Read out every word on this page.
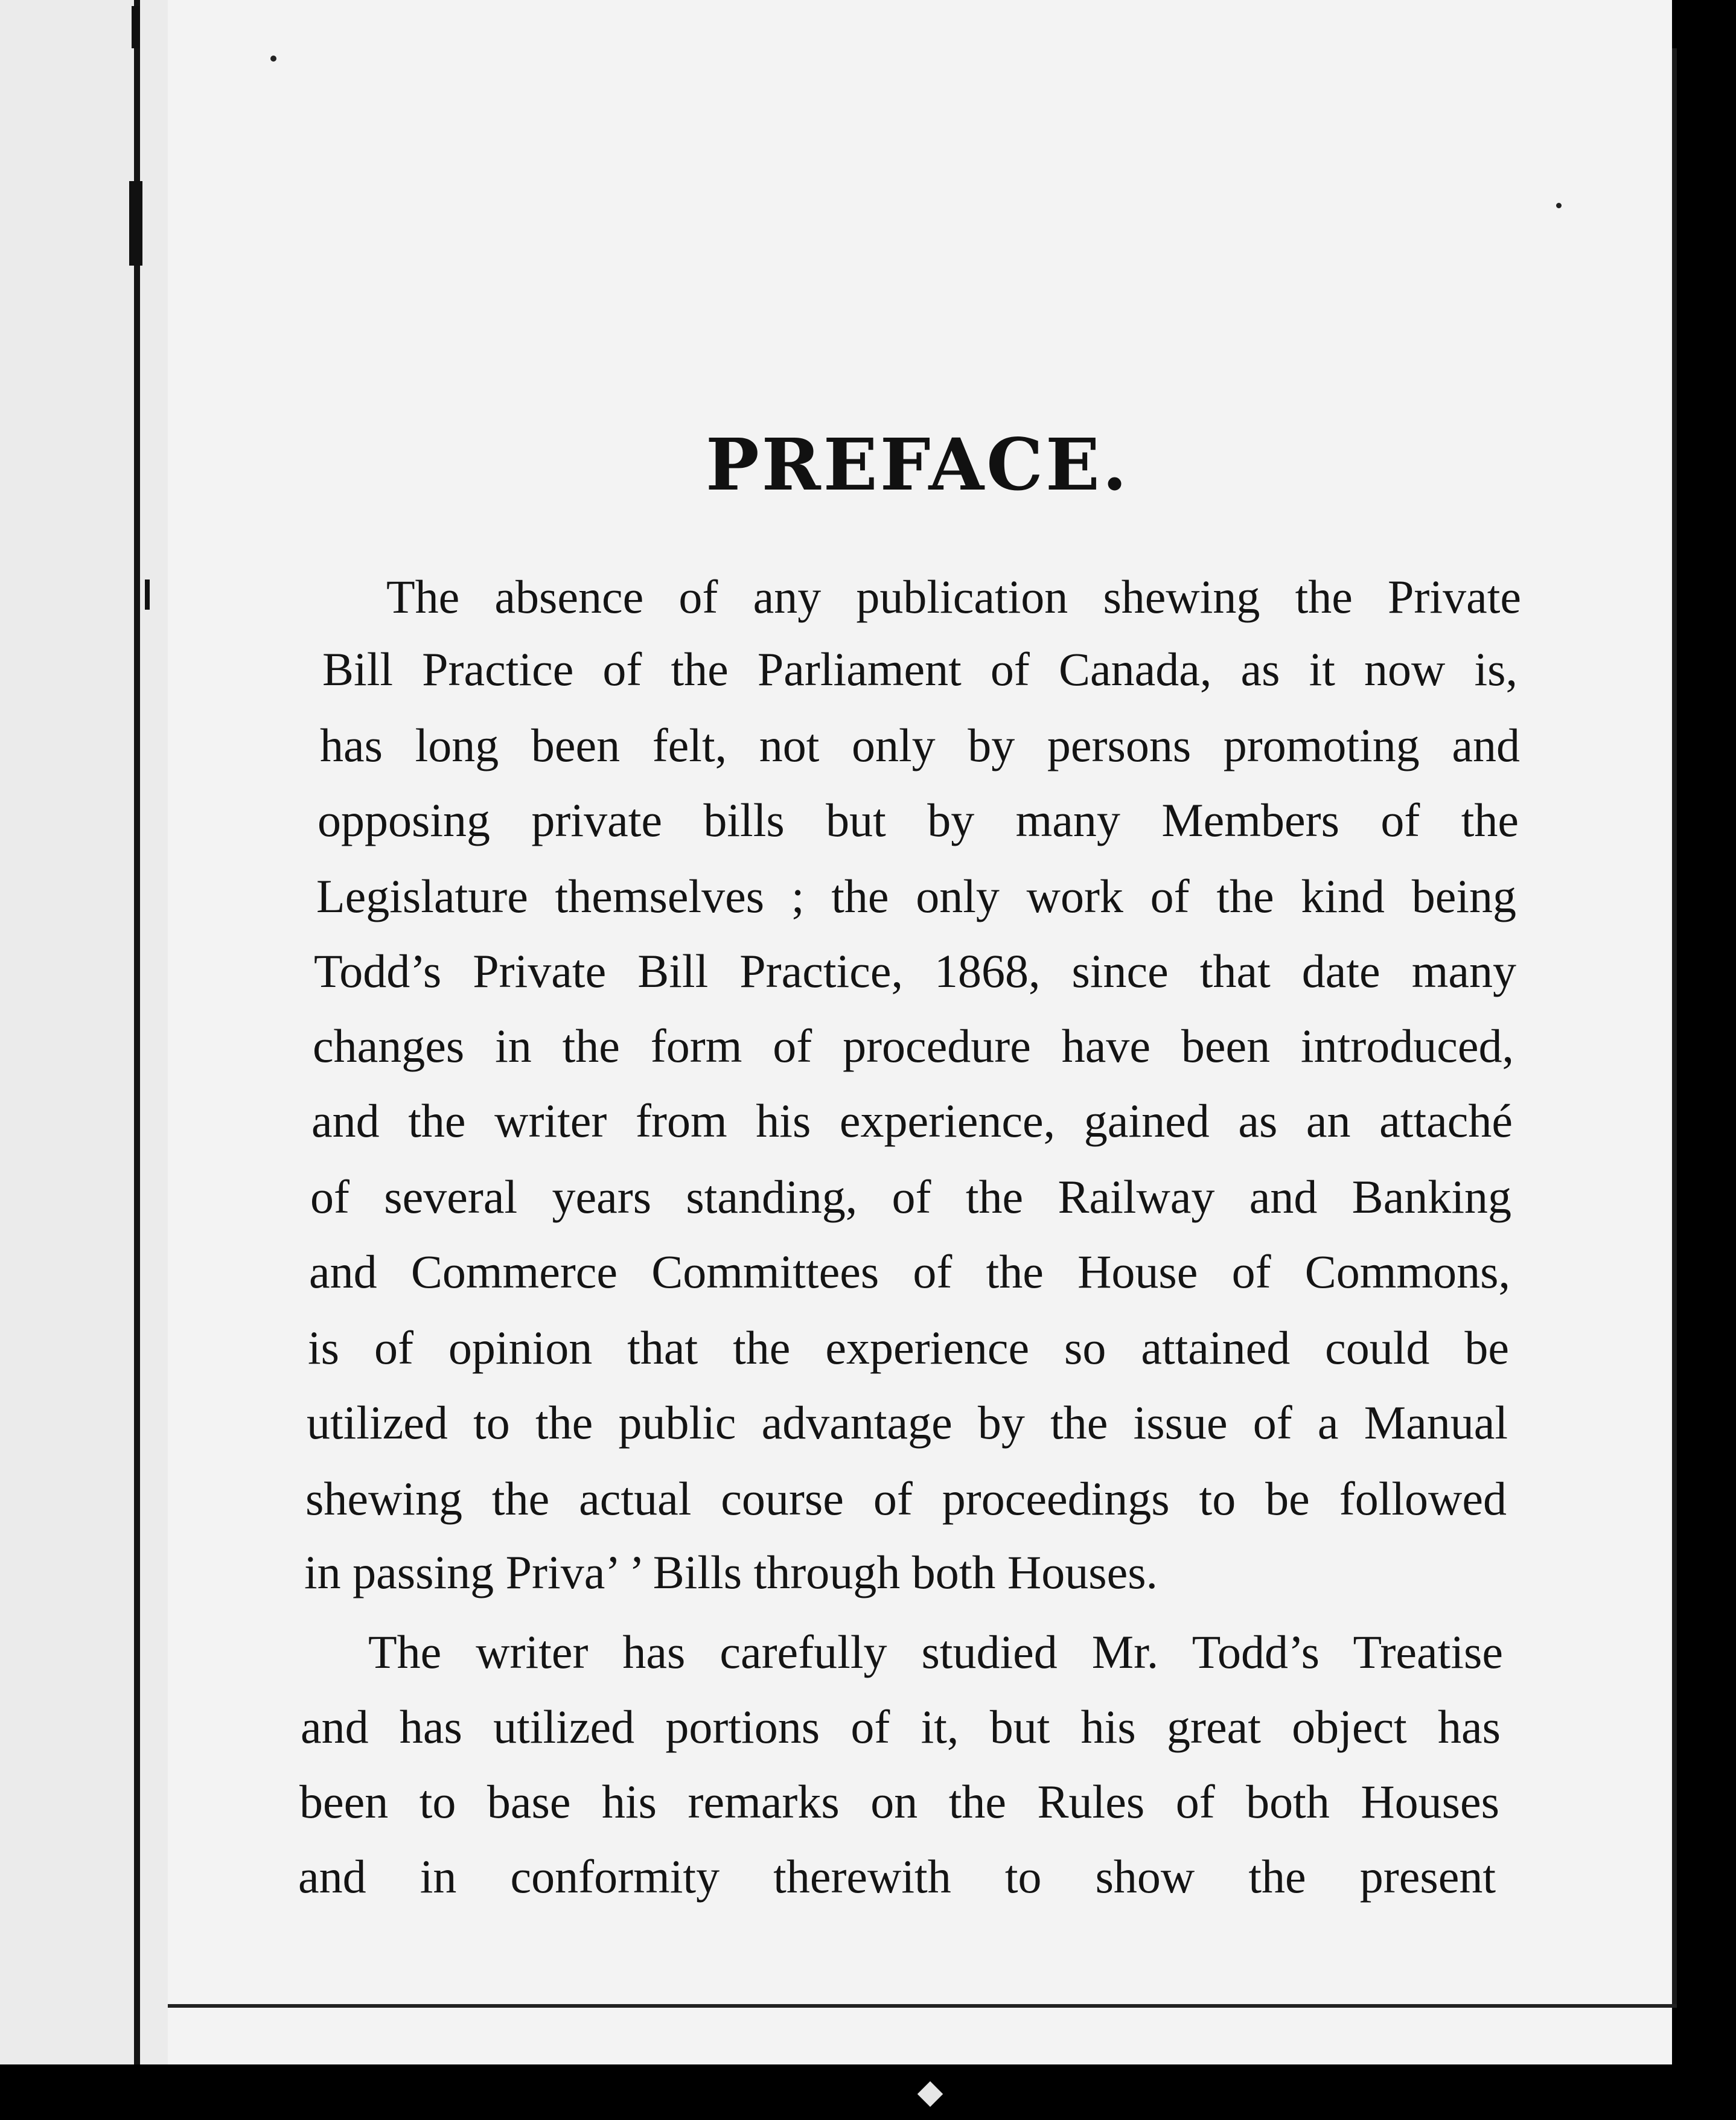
PREFACE.
The absence of any publication shewing the Private
Bill Practice of the Parliament of Canada, as it now is,
has long been felt, not only by persons promoting and
opposing private bills but by many Members of the
Legislature themselves ; the only work of the kind being
Todd’s Private Bill Practice, 1868, since that date many
changes in the form of procedure have been introduced,
and the writer from his experience, gained as an attaché
of several years standing, of the Railway and Banking
and Commerce Committees of the House of Commons,
is of opinion that the experience so attained could be
utilized to the public advantage by the issue of a Manual
shewing the actual course of proceedings to be followed
in passing Priva’ ’ Bills through both Houses.
The writer has carefully studied Mr. Todd’s Treatise
and has utilized portions of it, but his great object has
been to base his remarks on the Rules of both Houses
and in conformity therewith to show the present
